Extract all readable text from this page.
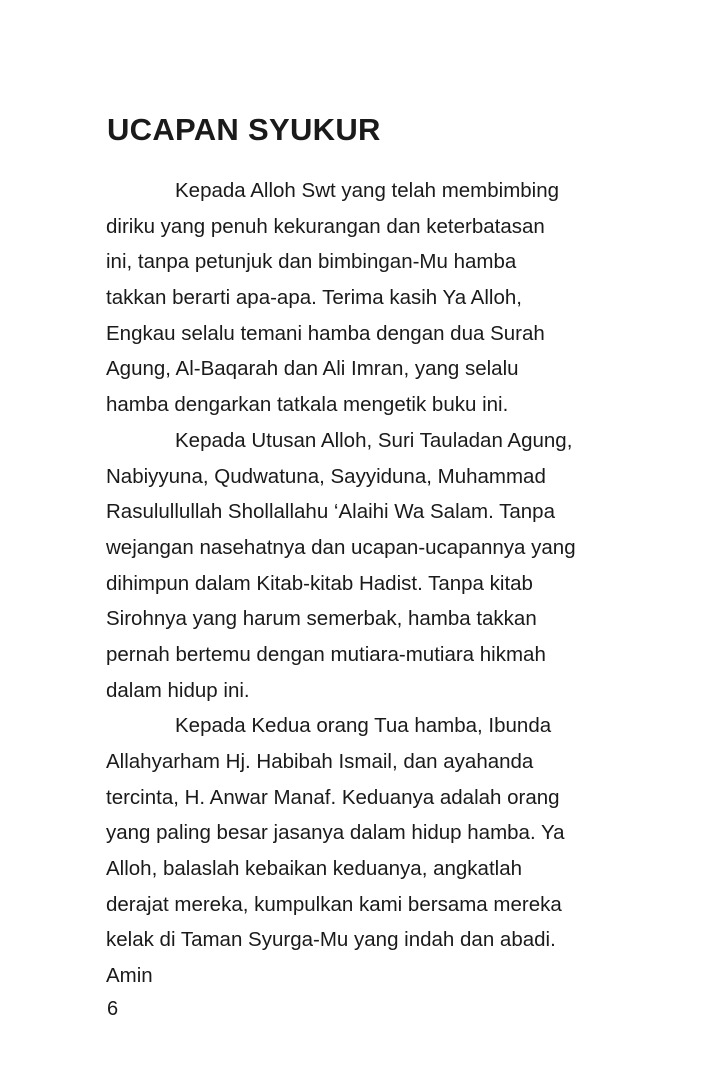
UCAPAN SYUKUR
Kepada Alloh Swt yang telah membimbing
diriku yang penuh kekurangan dan keterbatasan
ini, tanpa petunjuk dan bimbingan-Mu hamba
takkan berarti apa-apa. Terima kasih Ya Alloh,
Engkau selalu temani hamba dengan dua Surah
Agung, Al-Baqarah dan Ali Imran, yang selalu
hamba dengarkan tatkala mengetik buku ini.
Kepada Utusan Alloh, Suri Tauladan Agung,
Nabiyyuna, Qudwatuna, Sayyiduna, Muhammad
Rasulullullah Shollallahu ‘Alaihi Wa Salam. Tanpa
wejangan nasehatnya dan ucapan-ucapannya yang
dihimpun dalam Kitab-kitab Hadist. Tanpa kitab
Sirohnya yang harum semerbak, hamba takkan
pernah bertemu dengan mutiara-mutiara hikmah
dalam hidup ini.
Kepada Kedua orang Tua hamba, Ibunda
Allahyarham Hj. Habibah Ismail, dan ayahanda
tercinta, H. Anwar Manaf. Keduanya adalah orang
yang paling besar jasanya dalam hidup hamba. Ya
Alloh, balaslah kebaikan keduanya, angkatlah
derajat mereka, kumpulkan kami bersama mereka
kelak di Taman Syurga-Mu yang indah dan abadi.
Amin
6
